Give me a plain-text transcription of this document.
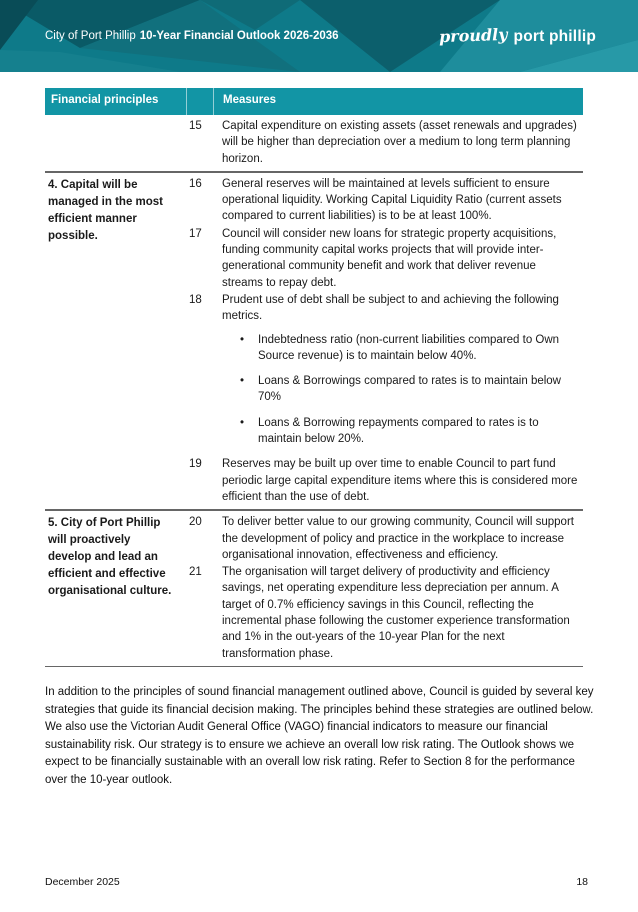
City of Port Phillip 10-Year Financial Outlook 2026-2036	proudly port phillip
Financial principles	Measures
15	Capital expenditure on existing assets (asset renewals and upgrades) will be higher than depreciation over a medium to long term planning horizon.
4. Capital will be managed in the most efficient manner possible.
16	General reserves will be maintained at levels sufficient to ensure operational liquidity. Working Capital Liquidity Ratio (current assets compared to current liabilities) is to be at least 100%.
17	Council will consider new loans for strategic property acquisitions, funding community capital works projects that will provide inter-generational community benefit and work that deliver revenue streams to repay debt.
18	Prudent use of debt shall be subject to and achieving the following metrics.
• Indebtedness ratio (non-current liabilities compared to Own Source revenue) is to maintain below 40%.
• Loans & Borrowings compared to rates is to maintain below 70%
• Loans & Borrowing repayments compared to rates is to maintain below 20%.
19	Reserves may be built up over time to enable Council to part fund periodic large capital expenditure items where this is considered more efficient than the use of debt.
5. City of Port Phillip will proactively develop and lead an efficient and effective organisational culture.
20	To deliver better value to our growing community, Council will support the development of policy and practice in the workplace to increase organisational innovation, effectiveness and efficiency.
21	The organisation will target delivery of productivity and efficiency savings, net operating expenditure less depreciation per annum. A target of 0.7% efficiency savings in this Council, reflecting the incremental phase following the customer experience transformation and 1% in the out-years of the 10-year Plan for the next transformation phase.
In addition to the principles of sound financial management outlined above, Council is guided by several key strategies that guide its financial decision making. The principles behind these strategies are outlined below. We also use the Victorian Audit General Office (VAGO) financial indicators to measure our financial sustainability risk. Our strategy is to ensure we achieve an overall low risk rating. The Outlook shows we expect to be financially sustainable with an overall low risk rating. Refer to Section 8 for the performance over the 10-year outlook.
December 2025	18
